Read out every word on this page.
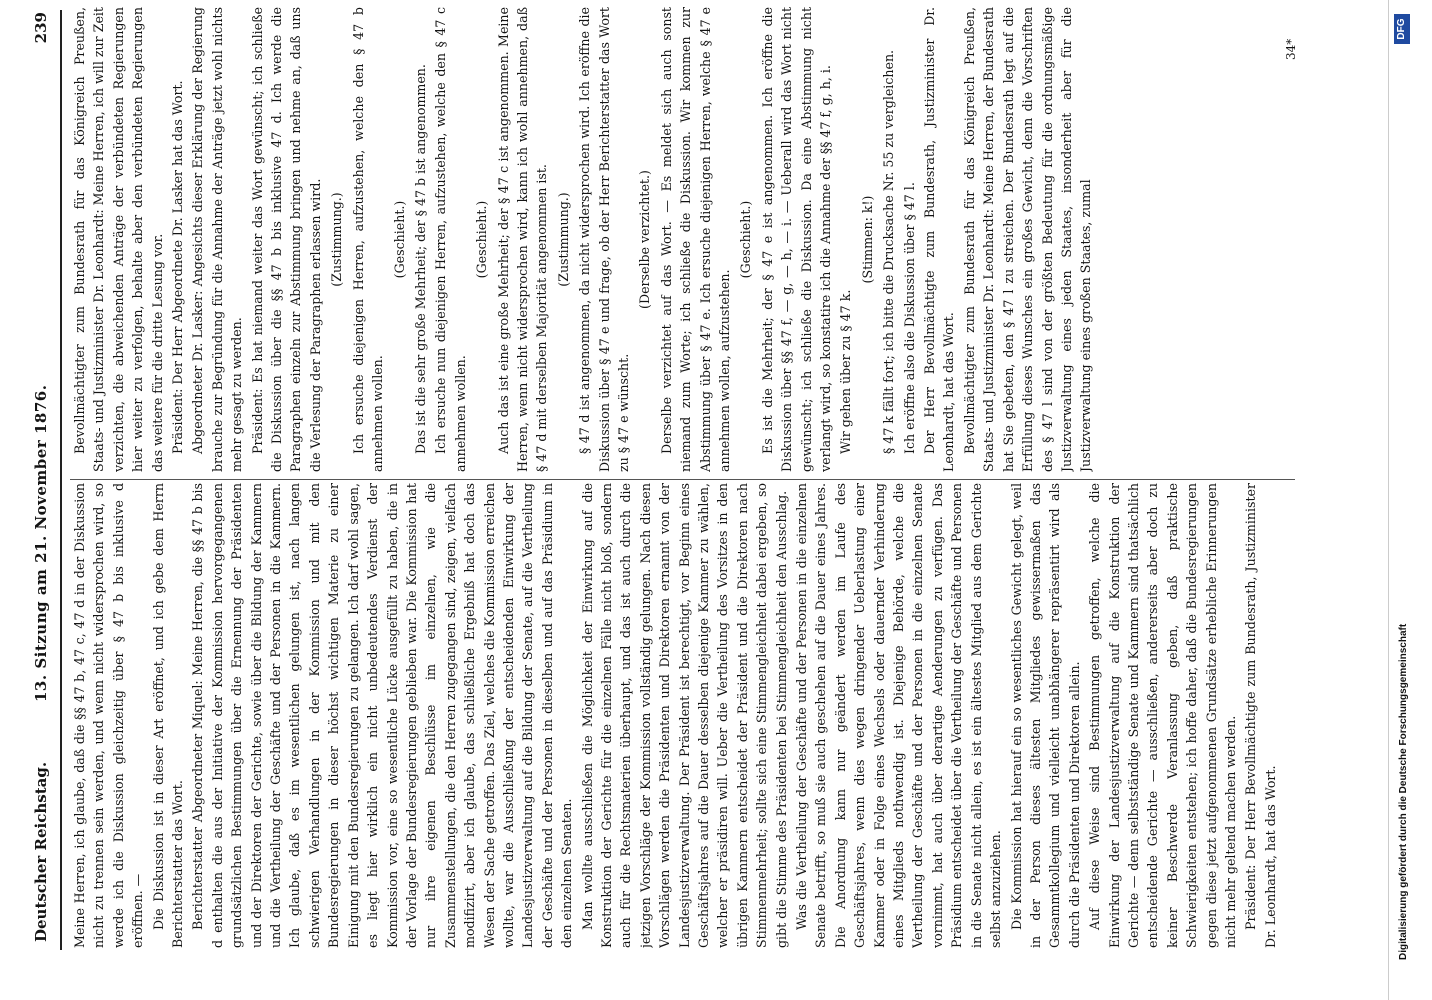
Deutscher Reichstag.
13. Sitzung am 21. November 1876.
239

Meine Herren, ich glaube, daß die §§ 47 b, 47 c, 47 d in der Diskussion nicht zu trennen sein werden, und wenn nicht widersprochen wird, so werde ich die Diskussion gleichzeitig über § 47 b bis inklusive d eröffnen. — Die Diskussion ist in dieser Art eröffnet, und ich gebe dem Herrn Berichterstatter das Wort. Berichterstatter Abgeordneter Miquel: Meine Herren, die §§ 47 b bis d enthalten die aus der Initiative der Kommission hervorgegangenen grundsätzlichen Bestimmungen über die Ernennung der Präsidenten und der Direktoren der Gerichte, sowie über die Bildung der Kammern und die Vertheilung der Geschäfte und der Personen in die Kammern. Ich glaube, daß es im wesentlichen gelungen ist, nach langen schwierigen Verhandlungen in der Kommission und mit den Bundesregierungen in dieser höchst wichtigen Materie zu einer Einigung mit den Bundesregierungen zu gelangen. Ich darf wohl sagen, es liegt hier wirklich ein nicht unbedeutendes Verdienst der Kommission vor, eine so wesentliche Lücke ausgefüllt zu haben, die in der Vorlage der Bundesregierungen geblieben war. Die Kommission hat nur ihre eigenen Beschlüsse im einzelnen, wie die Zusammenstellungen, die den Herren zugegangen sind, zeigen, vielfach modifizirt, aber ich glaube, das schließliche Ergebniß hat doch das Wesen der Sache getroffen. Das Ziel, welches die Kommission erreichen wollte, war die Ausschließung der entscheidenden Einwirkung der Landesjustizverwaltung auf die Bildung der Senate, auf die Vertheilung der Geschäfte und der Personen in dieselben und auf das Präsidium in den einzelnen Senaten. Man wollte ausschließen die Möglichkeit der Einwirkung auf die Konstruktion der Gerichte für die einzelnen Fälle nicht bloß, sondern auch für die Rechtsmaterien überhaupt, und das ist auch durch die jetzigen Vorschläge der Kommission vollständig gelungen. Nach diesen Vorschlägen werden die Präsidenten und Direktoren ernannt von der Landesjustizverwaltung. Der Präsident ist berechtigt, vor Beginn eines Geschäftsjahres auf die Dauer desselben diejenige Kammer zu wählen, welcher er präsidiren will. Ueber die Vertheilung des Vorsitzes in den übrigen Kammern entscheidet der Präsident und die Direktoren nach Stimmenmehrheit; sollte sich eine Stimmengleichheit dabei ergeben, so gibt die Stimme des Präsidenten bei Stimmengleichheit den Ausschlag. Was die Vertheilung der Geschäfte und der Personen in die einzelnen Senate betrifft, so muß sie auch geschehen auf die Dauer eines Jahres. Die Anordnung kann nur geändert werden im Laufe des Geschäftsjahres, wenn dies wegen dringender Ueberlastung einer Kammer oder in Folge eines Wechsels oder dauernder Verhinderung eines Mitglieds nothwendig ist. Diejenige Behörde, welche die Vertheilung der Geschäfte und der Personen in die einzelnen Senate vornimmt, hat auch über derartige Aenderungen zu verfügen. Das Präsidium entscheidet über die Vertheilung der Geschäfte und Personen in die Senate nicht allein, es ist ein ältestes Mitglied aus dem Gerichte selbst anzuziehen. Die Kommission hat hierauf ein so wesentliches Gewicht gelegt, weil in der Person dieses ältesten Mitgliedes gewissermaßen das Gesammtkollegium und vielleicht unabhängerer repräsentirt wird als durch die Präsidenten und Direktoren allein. Auf diese Weise sind Bestimmungen getroffen, welche die Einwirkung der Landesjustizverwaltung auf die Konstruktion der Gerichte — denn selbstständige Senate und Kammern sind thatsächlich entscheidende Gerichte — ausschließen, andererseits aber doch zu keiner Beschwerde Veranlassung geben, daß praktische Schwierigkeiten entstehen; ich hoffe daher, daß die Bundesregierungen gegen diese jetzt aufgenommenen Grundsätze erhebliche Erinnerungen nicht mehr geltend machen werden. Präsident: Der Herr Bevollmächtigte zum Bundesrath, Justizminister Dr. Leonhardt, hat das Wort.

Bevollmächtigter zum Bundesrath für das Königreich Preußen, Staats- und Justizminister Dr. Leonhardt: Meine Herren, ich will zur Zeit verzichten, die abweichenden Anträge der verbündeten Regierungen hier weiter zu verfolgen, behalte aber den verbündeten Regierungen das weitere für die dritte Lesung vor. Präsident: Der Herr Abgeordnete Dr. Lasker hat das Wort. Abgeordneter Dr. Lasker: Angesichts dieser Erklärung der Regierung brauche zur Begründung für die Annahme der Anträge jetzt wohl nichts mehr gesagt zu werden. Präsident: Es hat niemand weiter das Wort gewünscht; ich schließe die Diskussion über die §§ 47 b bis inklusive 47 d. Ich werde die Paragraphen einzeln zur Abstimmung bringen und nehme an, daß uns die Verlesung der Paragraphen erlassen wird. (Zustimmung.) Ich ersuche diejenigen Herren, aufzustehen, welche den § 47 b annehmen wollen.

(Geschieht.) Das ist die sehr große Mehrheit; der § 47 b ist angenommen. Ich ersuche nun diejenigen Herren, aufzustehen, welche den § 47 c annehmen wollen.

(Geschieht.) Auch das ist eine große Mehrheit; der § 47 c ist angenommen. Meine Herren, wenn nicht widersprochen wird, kann ich wohl annehmen, daß § 47 d mit derselben Majorität angenommen ist. (Zustimmung.) § 47 d ist angenommen, da nicht widersprochen wird. Ich eröffne die Diskussion über § 47 e und frage, ob der Herr Berichterstatter das Wort zu § 47 e wünscht.

(Derselbe verzichtet.) Derselbe verzichtet auf das Wort. — Es meldet sich auch sonst niemand zum Worte; ich schließe die Diskussion. Wir kommen zur Abstimmung über § 47 e. Ich ersuche diejenigen Herren, welche § 47 e annehmen wollen, aufzustehen.

(Geschieht.) Es ist die Mehrheit; der § 47 e ist angenommen. Ich eröffne die Diskussion über §§ 47 f, — g, — h, — i. — Ueberall wird das Wort nicht gewünscht; ich schließe die Diskussion. Da eine Abstimmung nicht verlangt wird, so konstatire ich die Annahme der §§ 47 f, g, h, i. Wir gehen über zu § 47 k.

(Stimmen: k!) § 47 k fällt fort; ich bitte die Drucksache Nr. 55 zu vergleichen. Ich eröffne also die Diskussion über § 47 l. Der Herr Bevollmächtigte zum Bundesrath, Justizminister Dr. Leonhardt, hat das Wort. Bevollmächtigter zum Bundesrath für das Königreich Preußen, Staats- und Justizminister Dr. Leonhardt: Meine Herren, der Bundesrath hat Sie gebeten, den § 47 l zu streichen. Der Bundesrath legt auf die Erfüllung dieses Wunsches ein großes Gewicht, denn die Vorschriften des § 47 l sind von der größten Bedeutung für die ordnungsmäßige Justizverwaltung eines jeden Staates, insonderheit aber für die Justizverwaltung eines großen Staates, zumal

34*
Digitalisierung gefördert durch die Deutsche Forschungsgemeinschaft
DFG
